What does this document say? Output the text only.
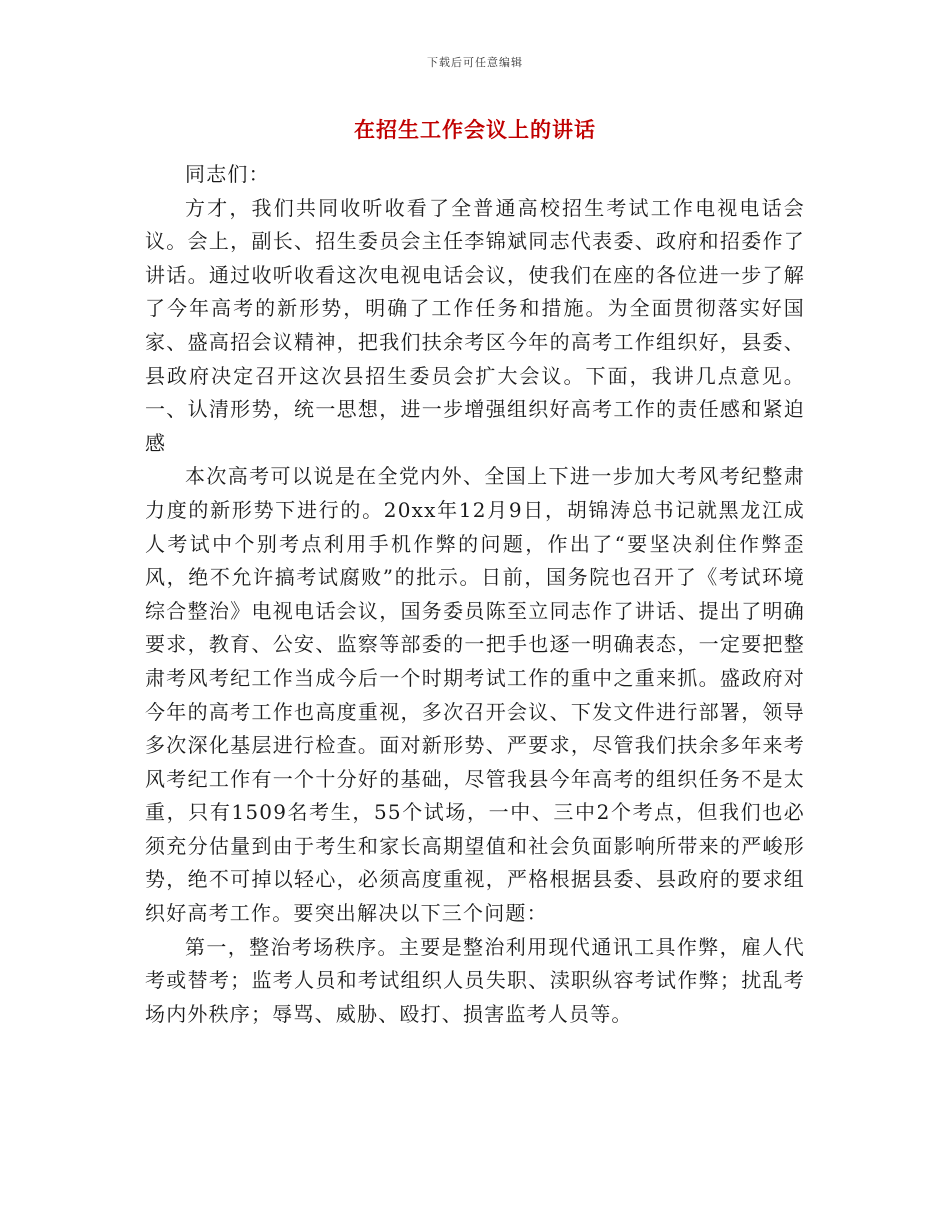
下载后可任意编辑
在招生工作会议上的讲话

同志们：

方才，我们共同收听收看了全普通高校招生考试工作电视电话会议。会上，副长、招生委员会主任李锦斌同志代表委、政府和招委作了讲话。通过收听收看这次电视电话会议，使我们在座的各位进一步了解了今年高考的新形势，明确了工作任务和措施。为全面贯彻落实好国家、盛高招会议精神，把我们扶余考区今年的高考工作组织好，县委、县政府决定召开这次县招生委员会扩大会议。下面，我讲几点意见。一、认清形势，统一思想，进一步增强组织好高考工作的责任感和紧迫感

本次高考可以说是在全党内外、全国上下进一步加大考风考纪整肃力度的新形势下进行的。20xx年12月9日，胡锦涛总书记就黑龙江成人考试中个别考点利用手机作弊的问题，作出了“要坚决刹住作弊歪风，绝不允许搞考试腐败”的批示。日前，国务院也召开了《考试环境综合整治》电视电话会议，国务委员陈至立同志作了讲话、提出了明确要求，教育、公安、监察等部委的一把手也逐一明确表态，一定要把整肃考风考纪工作当成今后一个时期考试工作的重中之重来抓。盛政府对今年的高考工作也高度重视，多次召开会议、下发文件进行部署，领导多次深化基层进行检查。面对新形势、严要求，尽管我们扶余多年来考风考纪工作有一个十分好的基础，尽管我县今年高考的组织任务不是太重，只有1509名考生，55个试场，一中、三中2个考点，但我们也必须充分估量到由于考生和家长高期望值和社会负面影响所带来的严峻形势，绝不可掉以轻心，必须高度重视，严格根据县委、县政府的要求组织好高考工作。要突出解决以下三个问题：

第一，整治考场秩序。主要是整治利用现代通讯工具作弊，雇人代考或替考；监考人员和考试组织人员失职、渎职纵容考试作弊；扰乱考场内外秩序；辱骂、威胁、殴打、损害监考人员等。
